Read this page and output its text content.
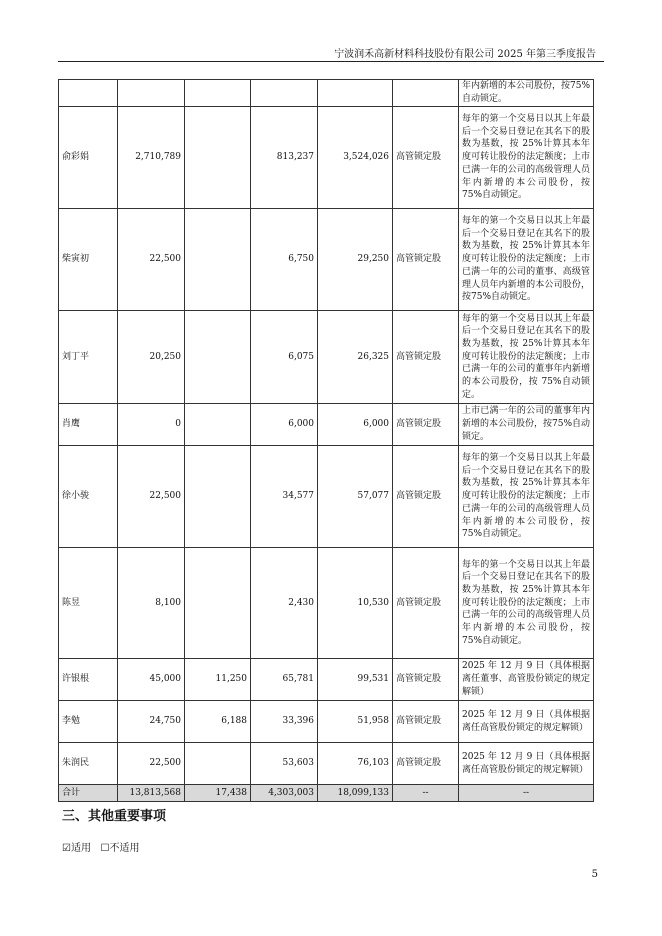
宁波润禾高新材料科技股份有限公司 2025 年第三季度报告
						年内新增的本公司股份，按75%自动锁定。
俞彩娟	2,710,789		813,237	3,524,026	高管锁定股	每年的第一个交易日以其上年最后一个交易日登记在其名下的股数为基数，按 25%计算其本年度可转让股份的法定额度；上市已满一年的公司的高级管理人员年内新增的本公司股份，按 75%自动锁定。
柴寅初	22,500		6,750	29,250	高管锁定股	每年的第一个交易日以其上年最后一个交易日登记在其名下的股数为基数，按 25%计算其本年度可转让股份的法定额度；上市已满一年的公司的董事、高级管理人员年内新增的本公司股份，按75%自动锁定。
刘丁平	20,250		6,075	26,325	高管锁定股	每年的第一个交易日以其上年最后一个交易日登记在其名下的股数为基数，按 25%计算其本年度可转让股份的法定额度；上市已满一年的公司的董事年内新增的本公司股份，按 75%自动锁定。
肖鹰	0		6,000	6,000	高管锁定股	上市已满一年的公司的董事年内新增的本公司股份，按75%自动锁定。
徐小骏	22,500		34,577	57,077	高管锁定股	每年的第一个交易日以其上年最后一个交易日登记在其名下的股数为基数，按 25%计算其本年度可转让股份的法定额度；上市已满一年的公司的高级管理人员年内新增的本公司股份，按 75%自动锁定。
陈昱	8,100		2,430	10,530	高管锁定股	每年的第一个交易日以其上年最后一个交易日登记在其名下的股数为基数，按 25%计算其本年度可转让股份的法定额度；上市已满一年的公司的高级管理人员年内新增的本公司股份，按 75%自动锁定。
许银根	45,000	11,250	65,781	99,531	高管锁定股	2025 年 12 月 9 日（具体根据离任董事、高管股份锁定的规定解锁）
李勉	24,750	6,188	33,396	51,958	高管锁定股	2025 年 12 月 9 日（具体根据离任高管股份锁定的规定解锁）
朱润民	22,500		53,603	76,103	高管锁定股	2025 年 12 月 9 日（具体根据离任高管股份锁定的规定解锁）
合计	13,813,568	17,438	4,303,003	18,099,133	--	--
三、其他重要事项
☑适用 ☐不适用
5
